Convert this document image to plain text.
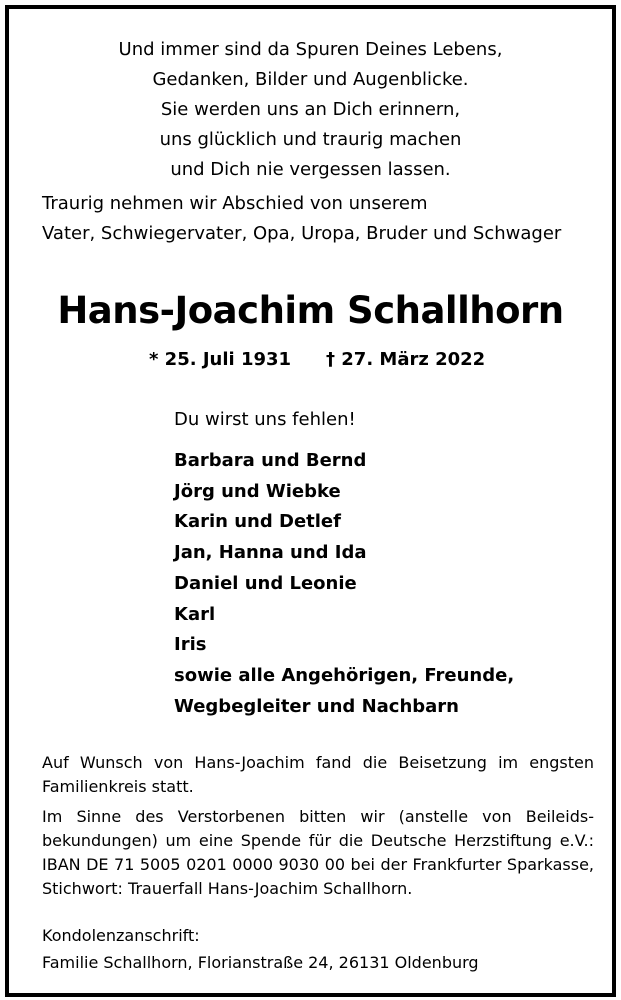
Und immer sind da Spuren Deines Lebens,
Gedanken, Bilder und Augenblicke.
Sie werden uns an Dich erinnern,
uns glücklich und traurig machen
und Dich nie vergessen lassen.
Traurig nehmen wir Abschied von unserem
Vater, Schwiegervater, Opa, Uropa, Bruder und Schwager
Hans-Joachim Schallhorn
* 25. Juli 1931 † 27. März 2022
Du wirst uns fehlen!
Barbara und Bernd
Jörg und Wiebke
Karin und Detlef
Jan, Hanna und Ida
Daniel und Leonie
Karl
Iris
sowie alle Angehörigen, Freunde,
Wegbegleiter und Nachbarn
Auf Wunsch von Hans-Joachim fand die Beisetzung im engsten Familienkreis statt.
Im Sinne des Verstorbenen bitten wir (anstelle von Beileidsbekundungen) um eine Spende für die Deutsche Herzstiftung e.V.: IBAN DE 71 5005 0201 0000 9030 00 bei der Frankfurter Sparkasse, Stichwort: Trauerfall Hans-Joachim Schallhorn.
Kondolenzanschrift:
Familie Schallhorn, Florianstraße 24, 26131 Oldenburg
